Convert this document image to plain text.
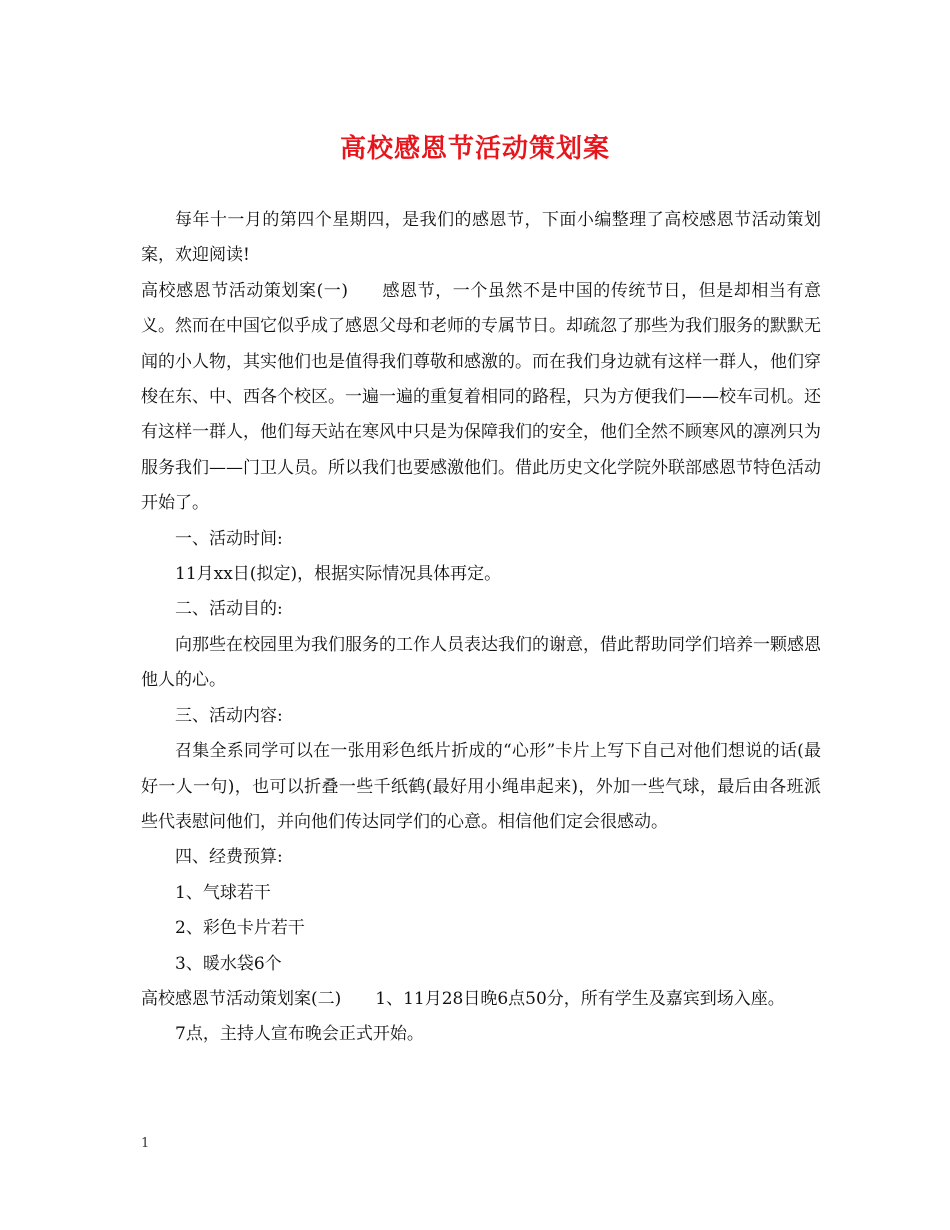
高校感恩节活动策划案

每年十一月的第四个星期四，是我们的感恩节，下面小编整理了高校感恩节活动策划案，欢迎阅读!

高校感恩节活动策划案(一) 感恩节，一个虽然不是中国的传统节日，但是却相当有意义。然而在中国它似乎成了感恩父母和老师的专属节日。却疏忽了那些为我们服务的默默无闻的小人物，其实他们也是值得我们尊敬和感激的。而在我们身边就有这样一群人，他们穿梭在东、中、西各个校区。一遍一遍的重复着相同的路程，只为方便我们——校车司机。还有这样一群人，他们每天站在寒风中只是为保障我们的安全，他们全然不顾寒风的凛冽只为服务我们——门卫人员。所以我们也要感激他们。借此历史文化学院外联部感恩节特色活动开始了。

一、活动时间:

11月xx日(拟定)，根据实际情况具体再定。

二、活动目的:

向那些在校园里为我们服务的工作人员表达我们的谢意，借此帮助同学们培养一颗感恩他人的心。

三、活动内容:

召集全系同学可以在一张用彩色纸片折成的“心形”卡片上写下自己对他们想说的话(最好一人一句)，也可以折叠一些千纸鹤(最好用小绳串起来)，外加一些气球，最后由各班派些代表慰问他们，并向他们传达同学们的心意。相信他们定会很感动。

四、经费预算:

1、气球若干

2、彩色卡片若干

3、暖水袋6个

高校感恩节活动策划案(二) 1、11月28日晚6点50分，所有学生及嘉宾到场入座。

7点，主持人宣布晚会正式开始。

1
